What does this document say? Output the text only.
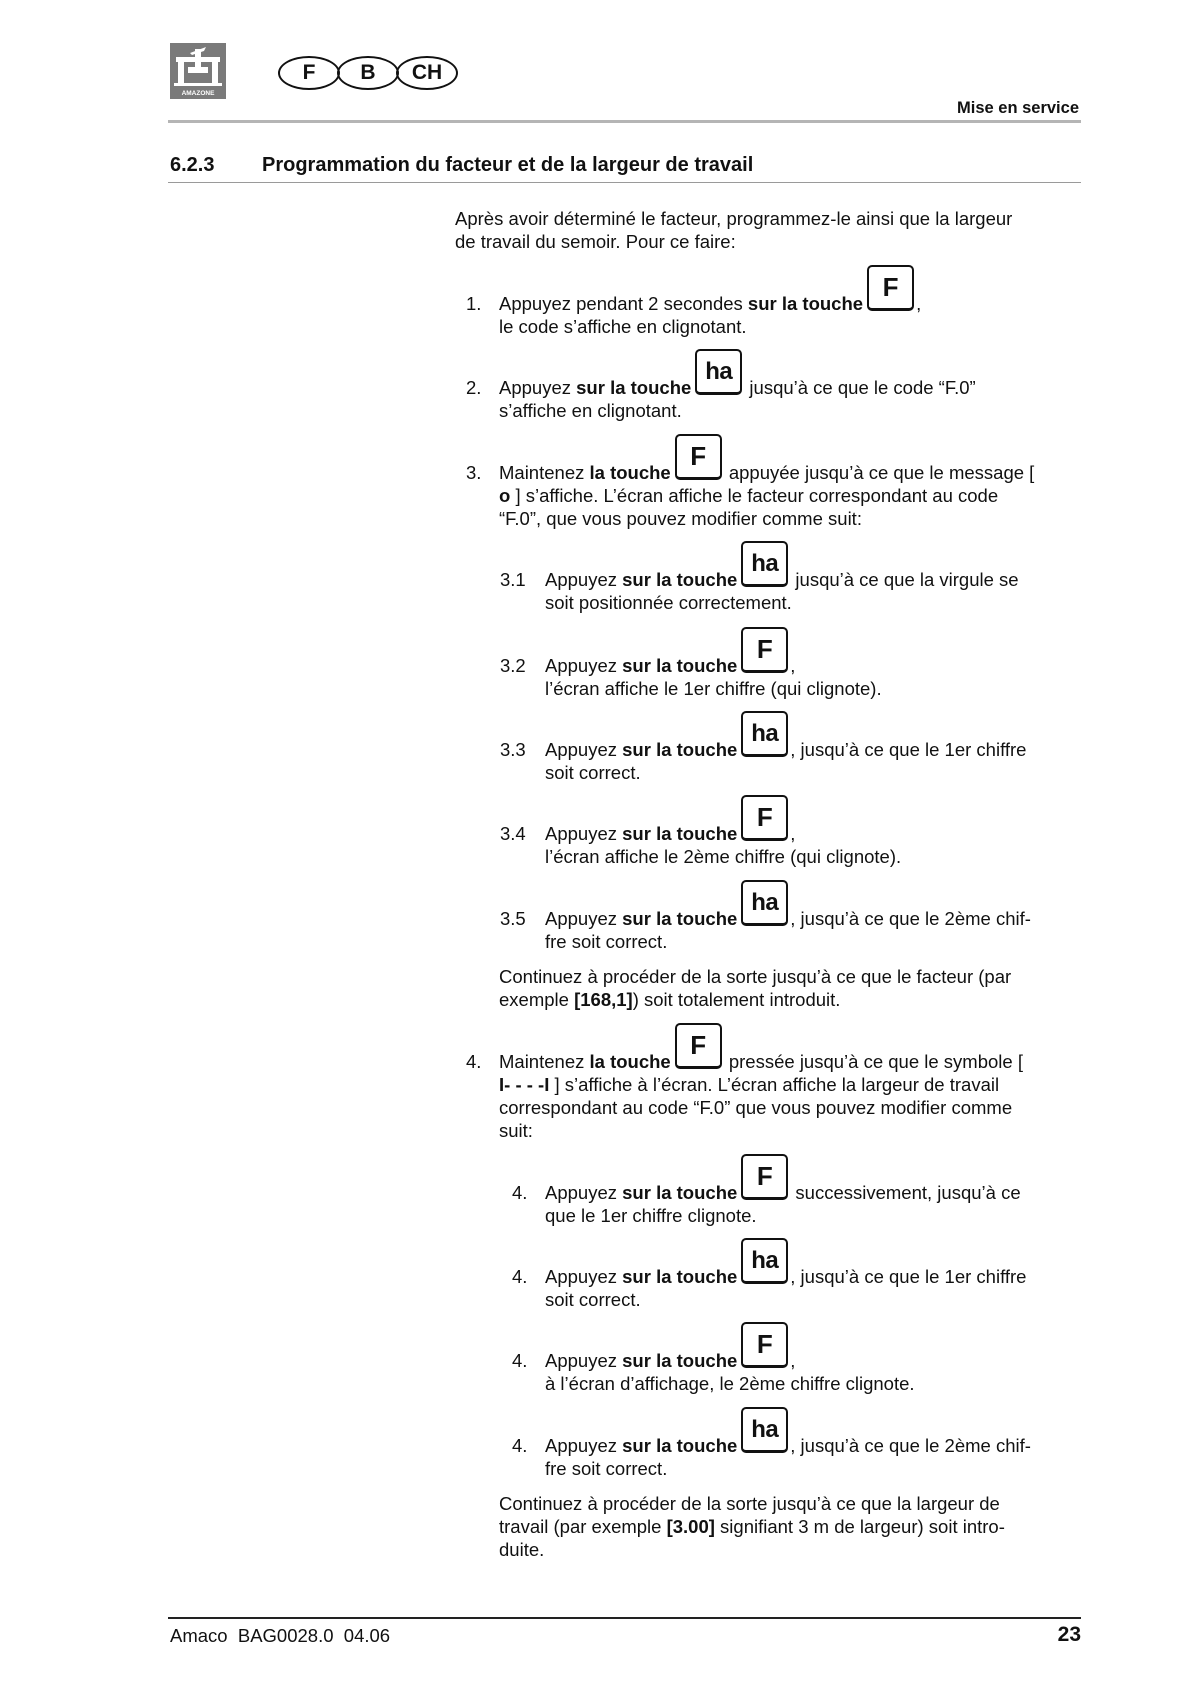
AMAZONE
F	B	CH
Mise en service
6.2.3 Programmation du facteur et de la largeur de travail
Après avoir déterminé le facteur, programmez-le ainsi que la largeur
de travail du semoir. Pour ce faire:
1. Appuyez pendant 2 secondes sur la toucheF,
le code s’affiche en clignotant.
2. Appuyez sur la toucheha jusqu’à ce que le code “F.0”
s’affiche en clignotant.
3. Maintenez la toucheF appuyée jusqu’à ce que le message [
o ] s’affiche. L’écran affiche le facteur correspondant au code
“F.0”, que vous pouvez modifier comme suit:
3.1 Appuyez sur la toucheha jusqu’à ce que la virgule se
soit positionnée correctement.
3.2 Appuyez sur la toucheF,
l’écran affiche le 1er chiffre (qui clignote).
3.3 Appuyez sur la toucheha, jusqu’à ce que le 1er chiffre
soit correct.
3.4 Appuyez sur la toucheF,
l’écran affiche le 2ème chiffre (qui clignote).
3.5 Appuyez sur la toucheha, jusqu’à ce que le 2ème chif-
fre soit correct.
Continuez à procéder de la sorte jusqu’à ce que le facteur (par
exemple [168,1]) soit totalement introduit.
4. Maintenez la toucheF pressée jusqu’à ce que le symbole [
I- - - -I ] s’affiche à l’écran. L’écran affiche la largeur de travail
correspondant au code “F.0” que vous pouvez modifier comme
suit:
4. Appuyez sur la toucheF successivement, jusqu’à ce
que le 1er chiffre clignote.
4. Appuyez sur la toucheha, jusqu’à ce que le 1er chiffre
soit correct.
4. Appuyez sur la toucheF,
à l’écran d’affichage, le 2ème chiffre clignote.
4. Appuyez sur la toucheha, jusqu’à ce que le 2ème chif-
fre soit correct.
Continuez à procéder de la sorte jusqu’à ce que la largeur de
travail (par exemple [3.00] signifiant 3 m de largeur) soit intro-
duite.
Amaco  BAG0028.0  04.06	23
